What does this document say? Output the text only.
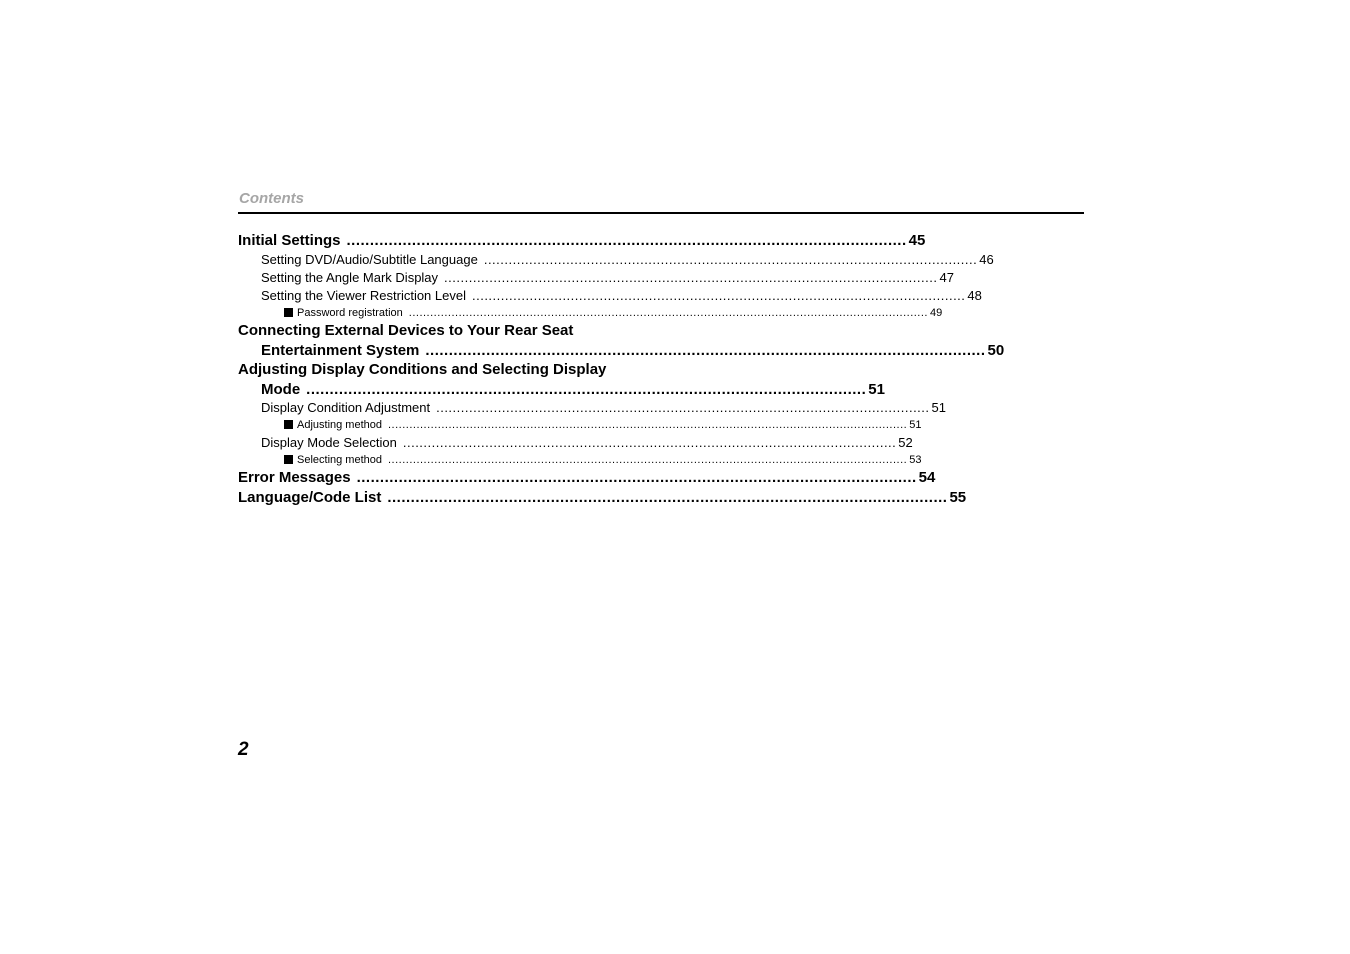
Contents
Initial Settings ........................................................................................................................ 45
Setting DVD/Audio/Subtitle Language ........................................................................................................................ 46
Setting the Angle Mark Display ........................................................................................................................ 47
Setting the Viewer Restriction Level ........................................................................................................................ 48
Password registration .................................................................................................................................................. 49
Connecting External Devices to Your Rear Seat
Entertainment System ........................................................................................................................ 50
Adjusting Display Conditions and Selecting Display
Mode ........................................................................................................................ 51
Display Condition Adjustment ........................................................................................................................ 51
Adjusting method .................................................................................................................................................. 51
Display Mode Selection ........................................................................................................................ 52
Selecting method .................................................................................................................................................. 53
Error Messages ........................................................................................................................ 54
Language/Code List ........................................................................................................................ 55
2
